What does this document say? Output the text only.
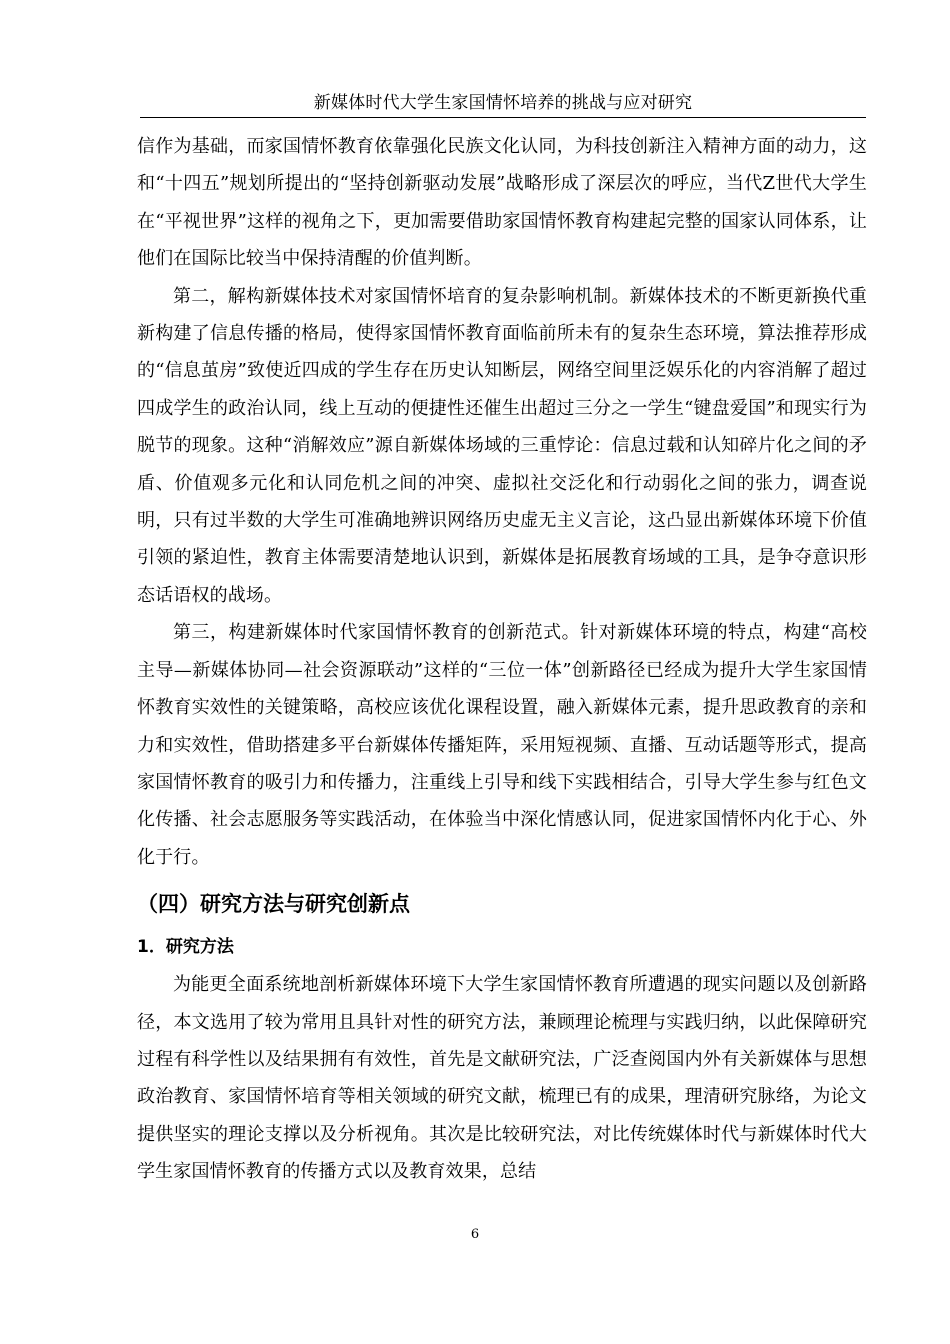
新媒体时代大学生家国情怀培养的挑战与应对研究

信作为基础，而家国情怀教育依靠强化民族文化认同，为科技创新注入精神方面的动力，这和“十四五”规划所提出的“坚持创新驱动发展”战略形成了深层次的呼应，当代Z世代大学生在“平视世界”这样的视角之下，更加需要借助家国情怀教育构建起完整的国家认同体系，让他们在国际比较当中保持清醒的价值判断。

第二，解构新媒体技术对家国情怀培育的复杂影响机制。新媒体技术的不断更新换代重新构建了信息传播的格局，使得家国情怀教育面临前所未有的复杂生态环境，算法推荐形成的“信息茧房”致使近四成的学生存在历史认知断层，网络空间里泛娱乐化的内容消解了超过四成学生的政治认同，线上互动的便捷性还催生出超过三分之一学生“键盘爱国”和现实行为脱节的现象。这种“消解效应”源自新媒体场域的三重悖论：信息过载和认知碎片化之间的矛盾、价值观多元化和认同危机之间的冲突、虚拟社交泛化和行动弱化之间的张力，调查说明，只有过半数的大学生可准确地辨识网络历史虚无主义言论，这凸显出新媒体环境下价值引领的紧迫性，教育主体需要清楚地认识到，新媒体是拓展教育场域的工具，是争夺意识形态话语权的战场。

第三，构建新媒体时代家国情怀教育的创新范式。针对新媒体环境的特点，构建“高校主导—新媒体协同—社会资源联动”这样的“三位一体”创新路径已经成为提升大学生家国情怀教育实效性的关键策略，高校应该优化课程设置，融入新媒体元素，提升思政教育的亲和力和实效性，借助搭建多平台新媒体传播矩阵，采用短视频、直播、互动话题等形式，提高家国情怀教育的吸引力和传播力，注重线上引导和线下实践相结合，引导大学生参与红色文化传播、社会志愿服务等实践活动，在体验当中深化情感认同，促进家国情怀内化于心、外化于行。

（四）研究方法与研究创新点
1．研究方法

为能更全面系统地剖析新媒体环境下大学生家国情怀教育所遭遇的现实问题以及创新路径，本文选用了较为常用且具针对性的研究方法，兼顾理论梳理与实践归纳，以此保障研究过程有科学性以及结果拥有有效性，首先是文献研究法，广泛查阅国内外有关新媒体与思想政治教育、家国情怀培育等相关领域的研究文献，梳理已有的成果，理清研究脉络，为论文提供坚实的理论支撑以及分析视角。其次是比较研究法，对比传统媒体时代与新媒体时代大学生家国情怀教育的传播方式以及教育效果，总结

6
